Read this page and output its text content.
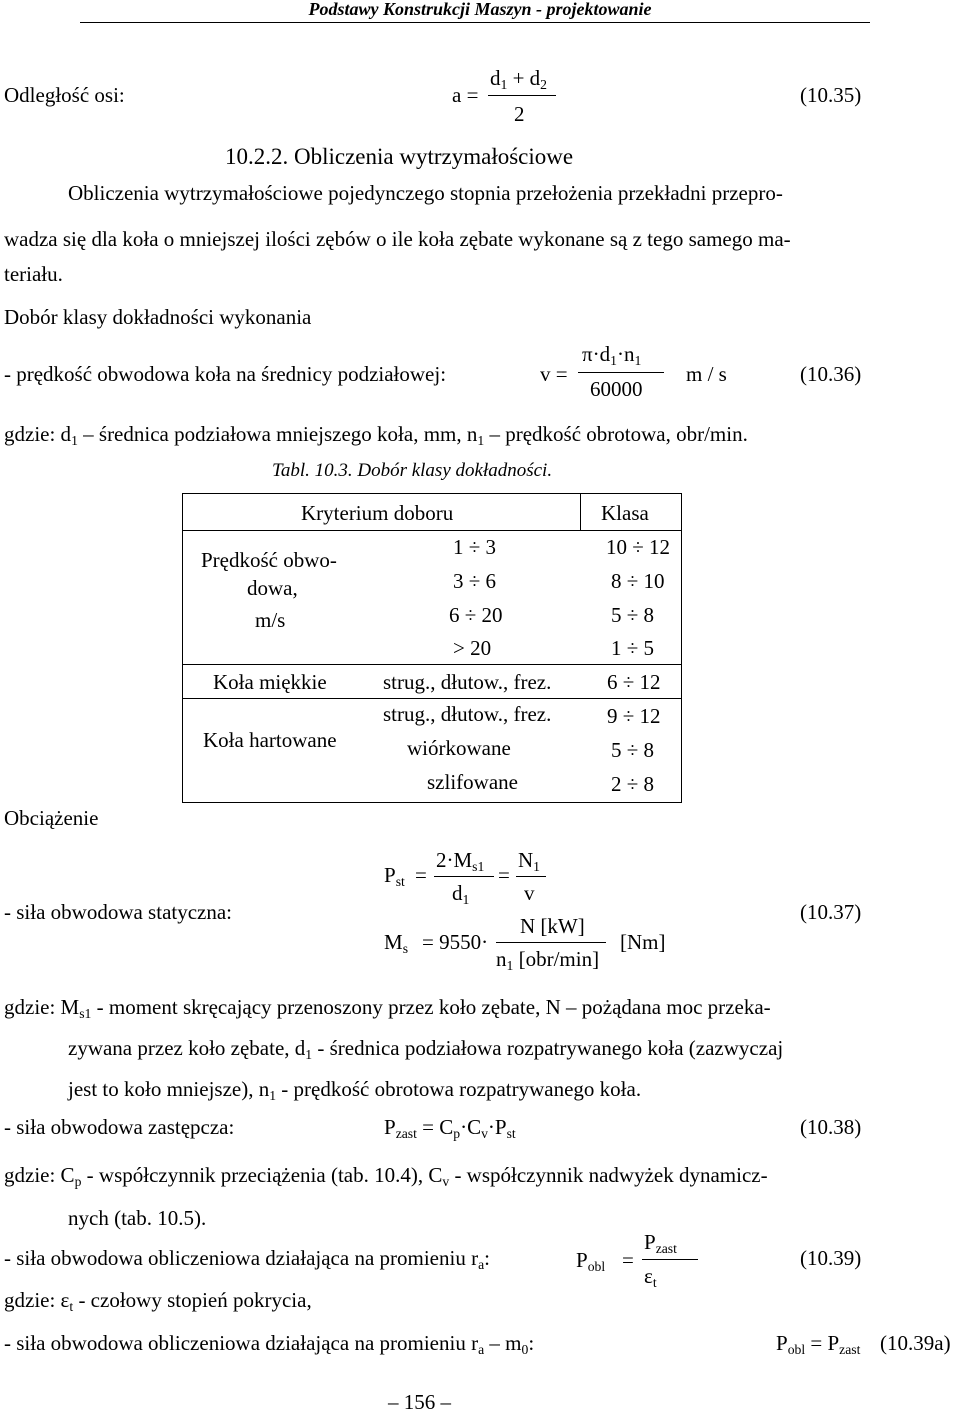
Podstawy Konstrukcji Maszyn - projektowanie
Odległość osi:	a =
$d_1 + d_2$
2
(10.35)
10.2.2. Obliczenia wytrzymałościowe
Obliczenia wytrzymałościowe pojedynczego stopnia przełożenia przekładni przepro-
wadza się dla koła o mniejszej ilości zębów o ile koła zębate wykonane są z tego samego ma-
teriału.
Dobór klasy dokładności wykonania
- prędkość obwodowa koła na średnicy podziałowej:	v =
$\pi\cdot d_1\cdot n_1$
60000
m / s	(10.36)
gdzie: $d_1$ – średnica podziałowa mniejszego koła, mm, $n_1$ – prędkość obrotowa, obr/min.
Tabl. 10.3. Dobór klasy dokładności.
Kryterium doboru	Klasa
Prędkość obwo-
dowa,
m/s
1 ÷ 3	10 ÷ 12
3 ÷ 6	8 ÷ 10
6 ÷ 20	5 ÷ 8
> 20	1 ÷ 5
Koła miękkie	strug., dłutow., frez.	6 ÷ 12
Koła hartowane
strug., dłutow., frez.	9 ÷ 12
wiórkowane	5 ÷ 8
szlifowane	2 ÷ 8
Obciążenie
- siła obwodowa statyczna:
$P_{st}$ =
$2\cdot M_{s1}$
$d_1$
=
$N_1$
v
$M_s = 9550\cdot$
N [kW]
$n_1$ [obr/min]
[Nm]
(10.37)
gdzie: $M_{s1}$ - moment skręcający przenoszony przez koło zębate, N – pożądana moc przeka-
zywana przez koło zębate, $d_1$ - średnica podziałowa rozpatrywanego koła (zazwyczaj
jest to koło mniejsze), $n_1$ - prędkość obrotowa rozpatrywanego koła.
- siła obwodowa zastępcza:	$P_{zast} = C_p\cdot C_v\cdot P_{st}$	(10.38)
gdzie: $C_p$ - współczynnik przeciążenia (tab. 10.4), $C_v$ - współczynnik nadwyżek dynamicz-
nych (tab. 10.5).
- siła obwodowa obliczeniowa działająca na promieniu $r_a$:	$P_{obl}$ =
$P_{zast}$
$\varepsilon_t$
(10.39)
gdzie: $\varepsilon_t$ - czołowy stopień pokrycia,
- siła obwodowa obliczeniowa działająca na promieniu $r_a - m_0$:	$P_{obl} = P_{zast}$ (10.39a)
– 156 –
